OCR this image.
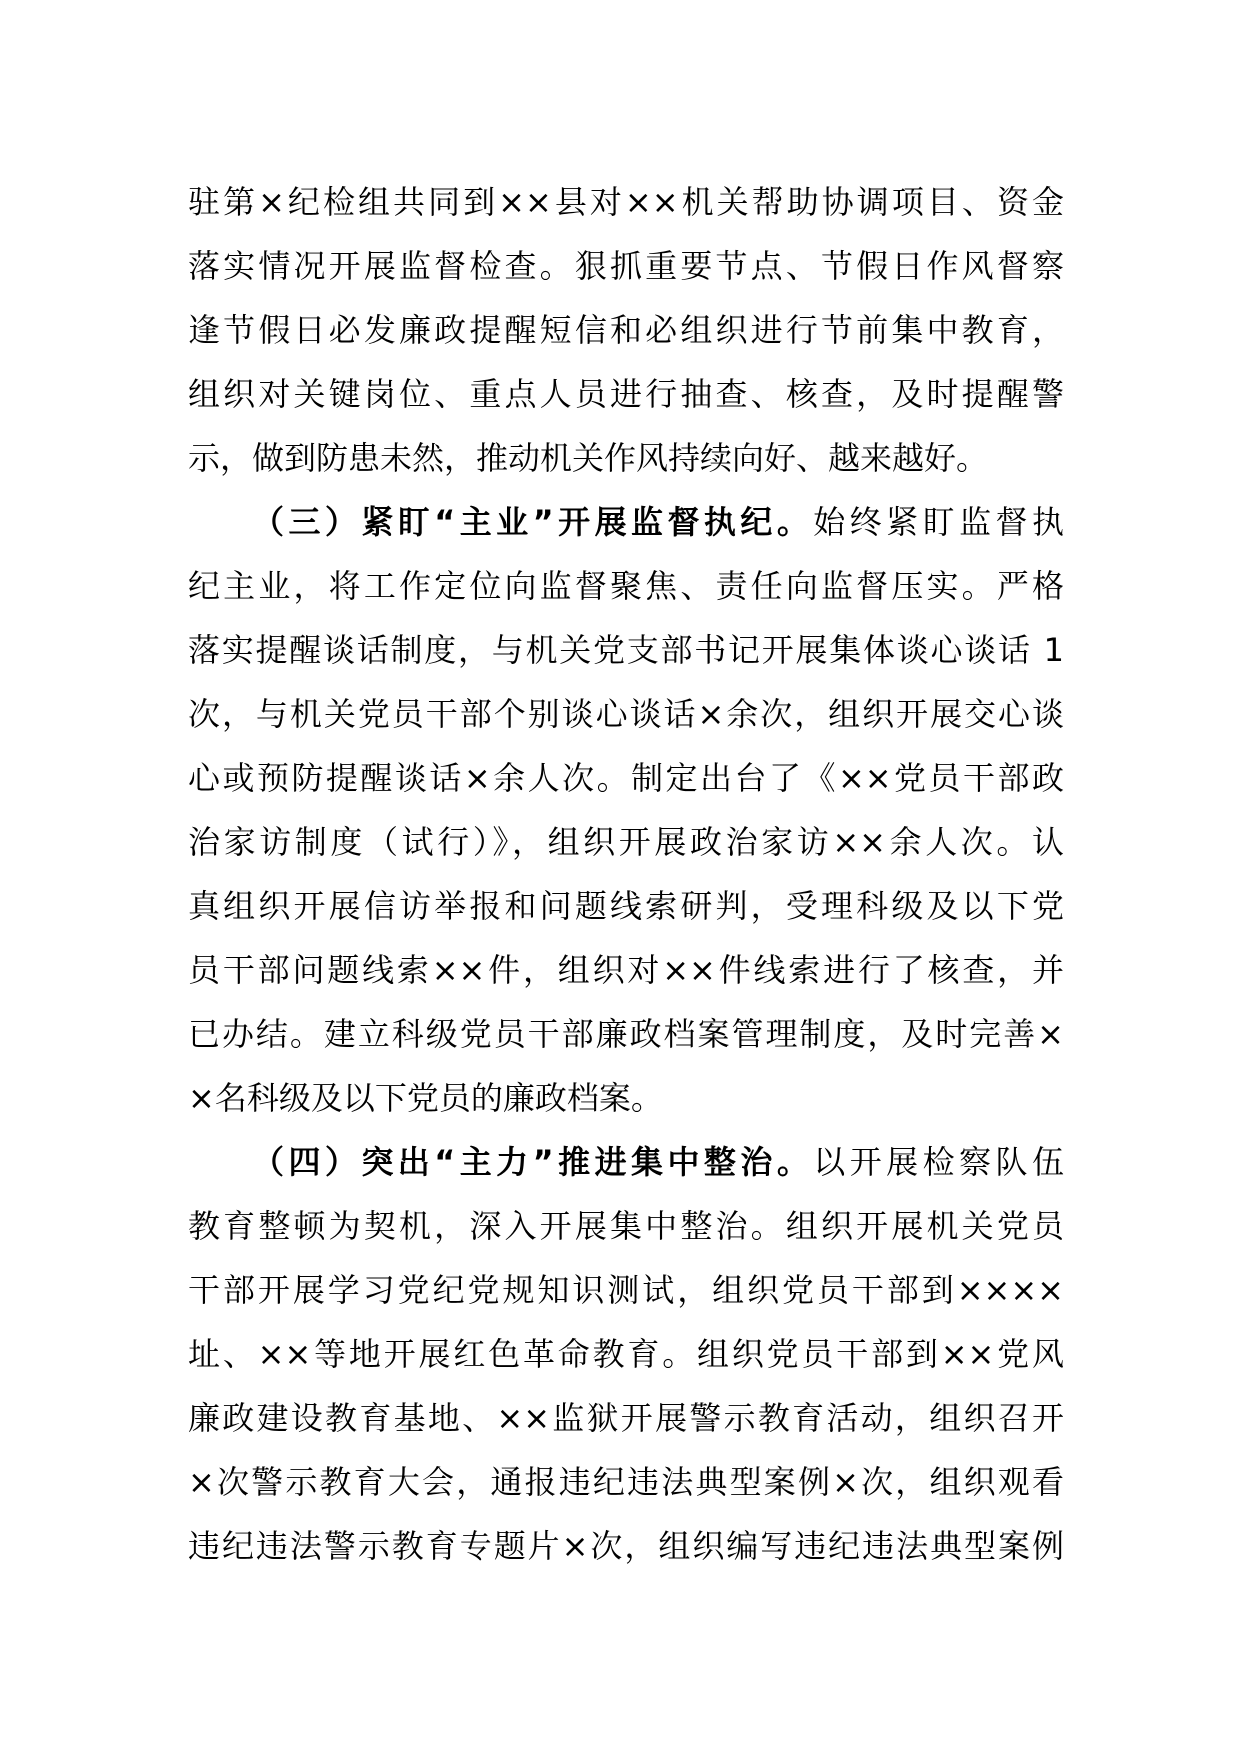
驻第×纪检组共同到××县对××机关帮助协调项目、资金
落实情况开展监督检查。狠抓重要节点、节假日作风督察
逢节假日必发廉政提醒短信和必组织进行节前集中教育，
组织对关键岗位、重点人员进行抽查、核查，及时提醒警
示，做到防患未然，推动机关作风持续向好、越来越好。
（三）紧盯“主业”开展监督执纪。始终紧盯监督执
纪主业，将工作定位向监督聚焦、责任向监督压实。严格
落实提醒谈话制度，与机关党支部书记开展集体谈心谈话 1
次，与机关党员干部个别谈心谈话×余次，组织开展交心谈
心或预防提醒谈话×余人次。制定出台了《××党员干部政
治家访制度（试行）》，组织开展政治家访××余人次。认
真组织开展信访举报和问题线索研判，受理科级及以下党
员干部问题线索××件，组织对××件线索进行了核查，并
已办结。建立科级党员干部廉政档案管理制度，及时完善×
×名科级及以下党员的廉政档案。
（四）突出“主力”推进集中整治。以开展检察队伍
教育整顿为契机，深入开展集中整治。组织开展机关党员
干部开展学习党纪党规知识测试，组织党员干部到××××
址、××等地开展红色革命教育。组织党员干部到××党风
廉政建设教育基地、××监狱开展警示教育活动，组织召开
×次警示教育大会，通报违纪违法典型案例×次，组织观看
违纪违法警示教育专题片×次，组织编写违纪违法典型案例
